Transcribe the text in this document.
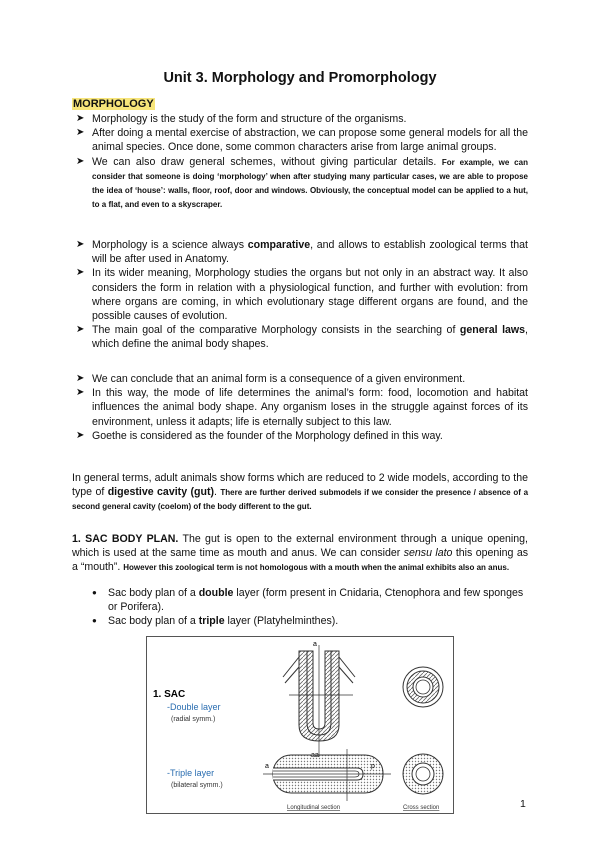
Unit 3. Morphology and Promorphology
MORPHOLOGY
➤ Morphology is the study of the form and structure of the organisms.
➤ After doing a mental exercise of abstraction, we can propose some general models for all the animal species. Once done, some common characters arise from large animal groups.
➤ We can also draw general schemes, without giving particular details. For example, we can consider that someone is doing ‘morphology’ when after studying many particular cases, we are able to propose the idea of ‘house’: walls, floor, roof, door and windows. Obviously, the conceptual model can be applied to a hut, to a flat, and even to a skyscraper.
➤ Morphology is a science always comparative, and allows to establish zoological terms that will be after used in Anatomy.
➤ In its wider meaning, Morphology studies the organs but not only in an abstract way. It also considers the form in relation with a physiological function, and further with evolution: from where organs are coming, in which evolutionary stage different organs are found, and the possible causes of evolution.
➤ The main goal of the comparative Morphology consists in the searching of general laws, which define the animal body shapes.
➤ We can conclude that an animal form is a consequence of a given environment.
➤ In this way, the mode of life determines the animal’s form: food, locomotion and habitat influences the animal body shape. Any organism loses in the struggle against forces of its environment, unless it adapts; life is eternally subject to this law.
➤ Goethe is considered as the founder of the Morphology defined in this way.

In general terms, adult animals show forms which are reduced to 2 wide models, according to the type of digestive cavity (gut). There are further derived submodels if we consider the presence / absence of a second general cavity (coelom) of the body different to the gut.

1. SAC BODY PLAN. The gut is open to the external environment through a unique opening, which is used at the same time as mouth and anus. We can consider sensu lato this opening as a “mouth”. However this zoological term is not homologous with a mouth when the animal exhibits also an anus.

● Sac body plan of a double layer (form present in Cnidaria, Ctenophora and few sponges or Porifera).
● Sac body plan of a triple layer (Platyhelminthes).
a
a	p
1. SAC
-Double layer
(radial symm.)
-Triple layer
(bilateral symm.)
Longitudinal section	Cross section	1
